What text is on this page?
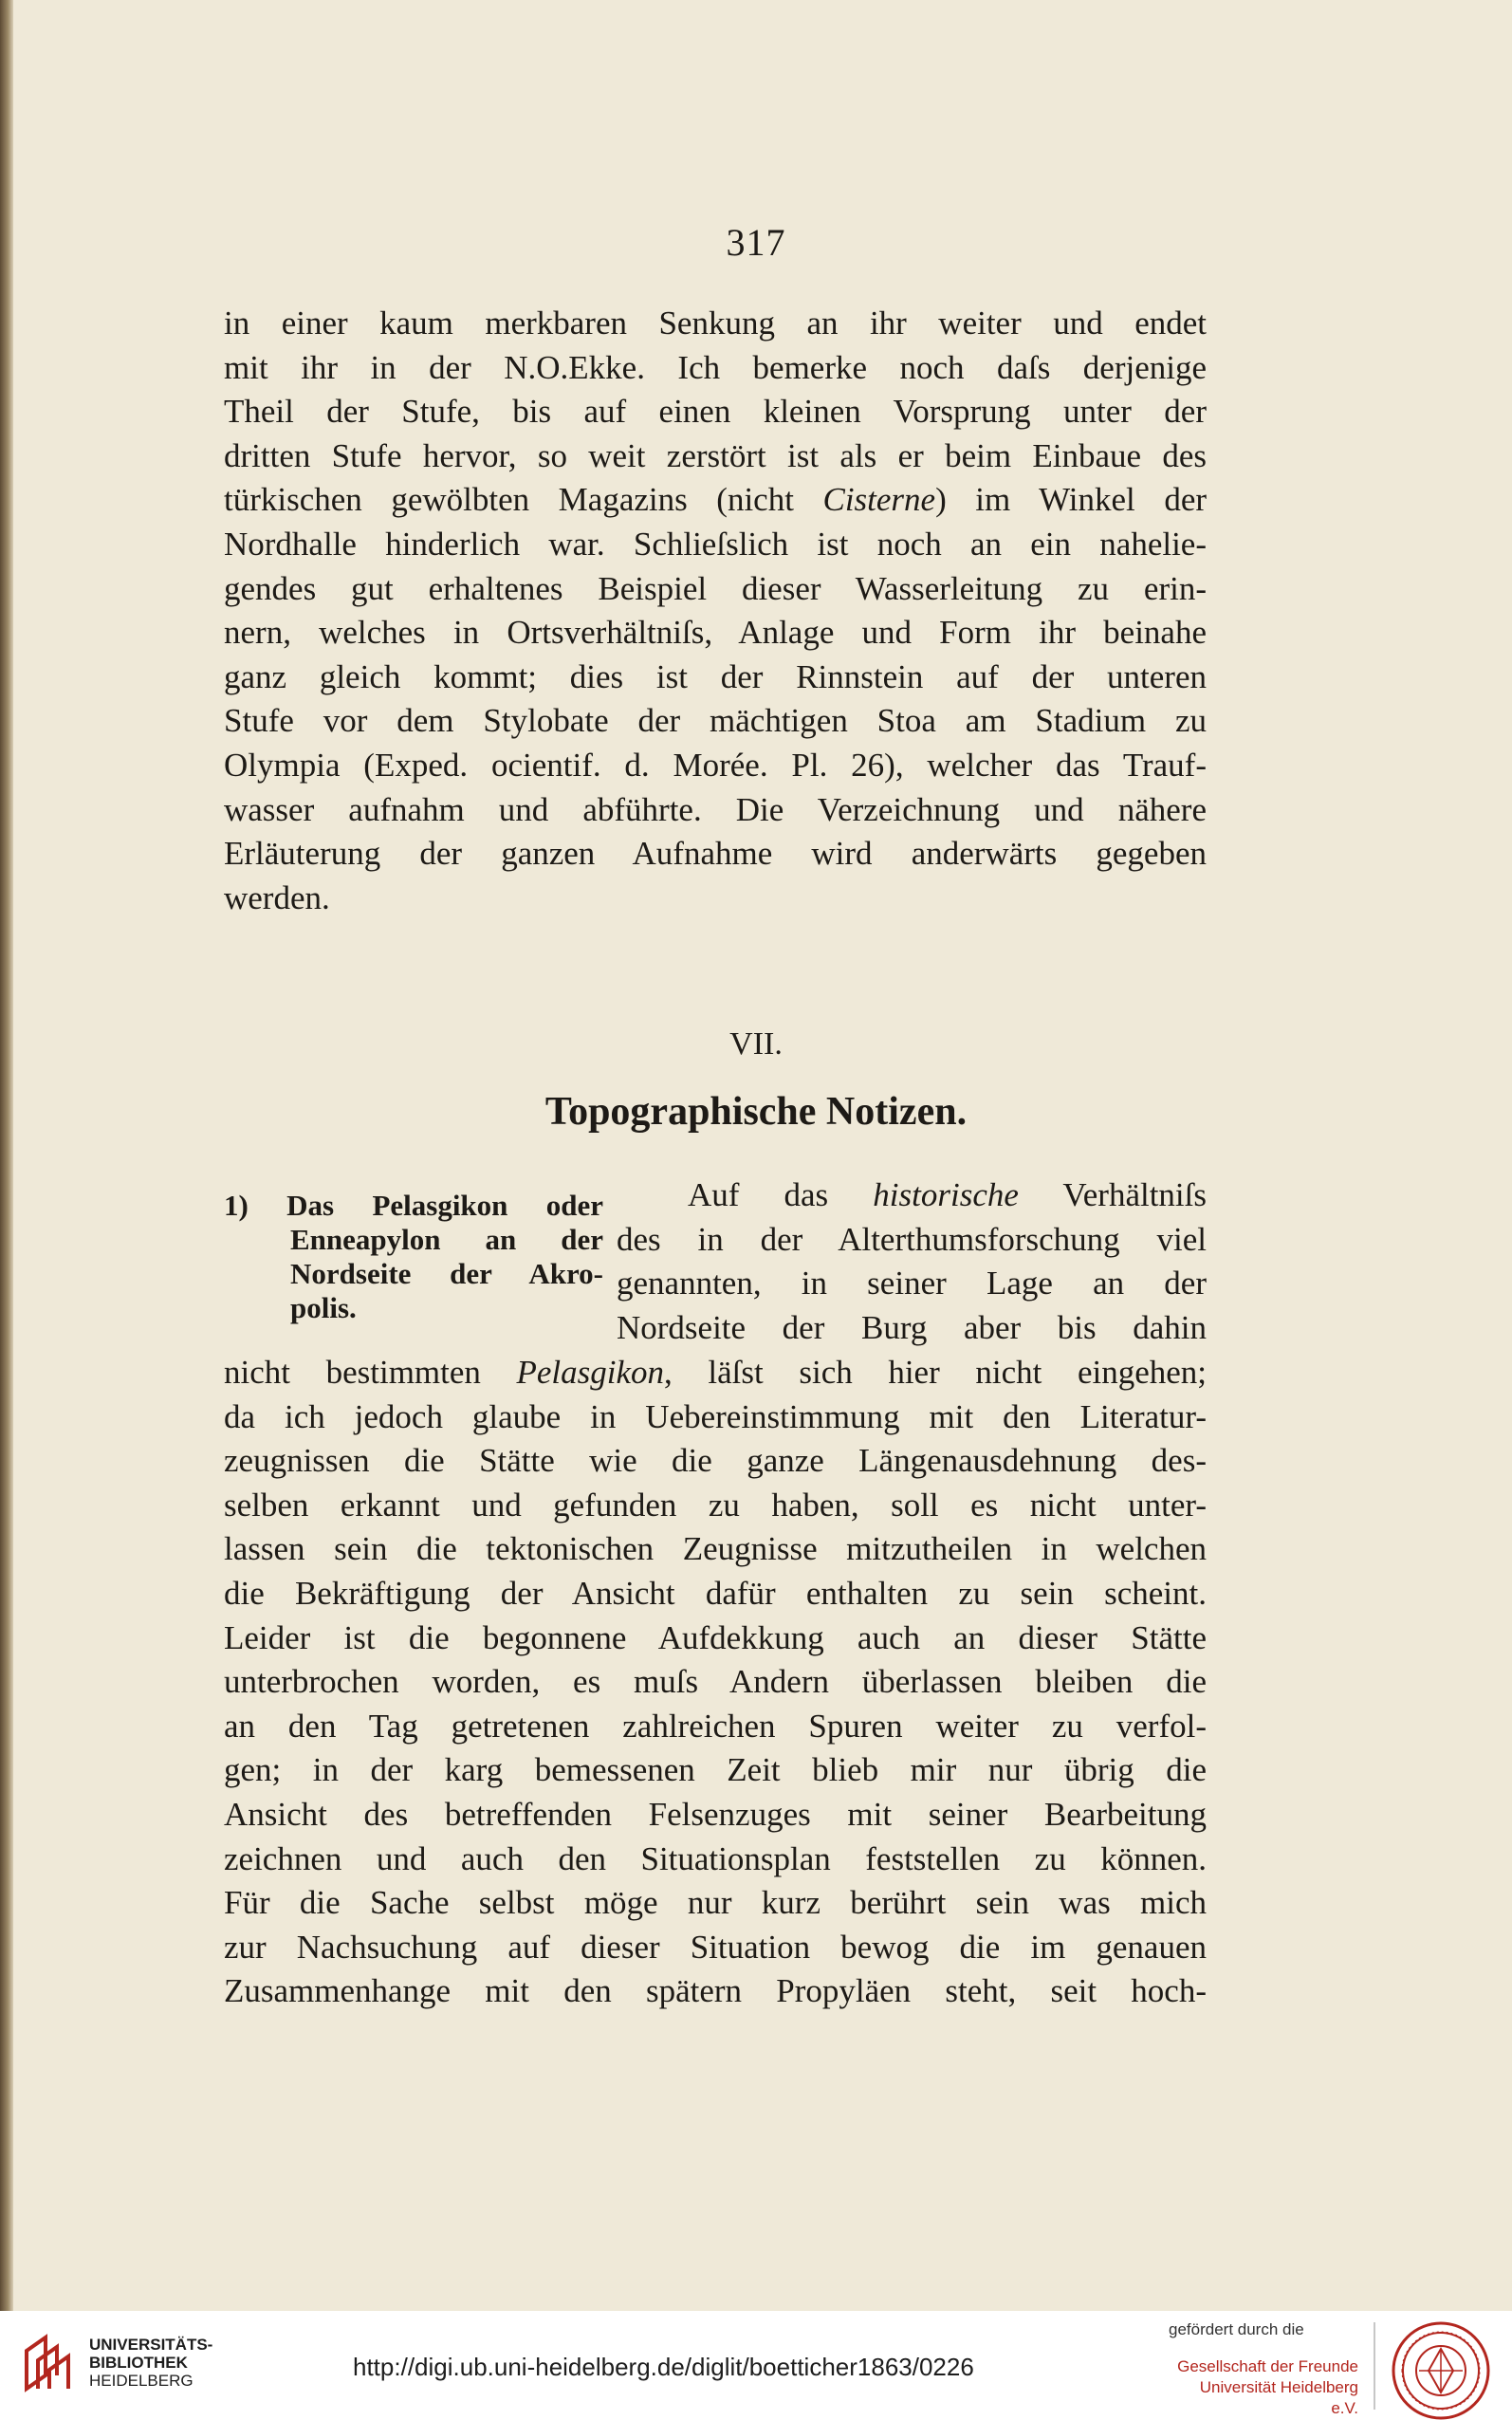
317
in einer kaum merkbaren Senkung an ihr weiter und endet
mit ihr in der N.O.Ekke. Ich bemerke noch daſs derjenige
Theil der Stufe, bis auf einen kleinen Vorsprung unter der
dritten Stufe hervor, so weit zerstört ist als er beim Einbaue des
türkischen gewölbten Magazins (nicht Cisterne) im Winkel der
Nordhalle hinderlich war. Schlieſslich ist noch an ein nahelie-
gendes gut erhaltenes Beispiel dieser Wasserleitung zu erin-
nern, welches in Ortsverhältniſs, Anlage und Form ihr beinahe
ganz gleich kommt; dies ist der Rinnstein auf der unteren
Stufe vor dem Stylobate der mächtigen Stoa am Stadium zu
Olympia (Exped. ocientif. d. Morée. Pl. 26), welcher das Trauf-
wasser aufnahm und abführte. Die Verzeichnung und nähere
Erläuterung der ganzen Aufnahme wird anderwärts gegeben
werden.
VII.
Topographische Notizen.
1) Das Pelasgikon oder
Enneapylon an der
Nordseite der Akro-
polis.
Auf das historische Verhältniſs
des in der Alterthumsforschung viel
genannten, in seiner Lage an der
Nordseite der Burg aber bis dahin
nicht bestimmten Pelasgikon, läſst sich hier nicht eingehen;
da ich jedoch glaube in Uebereinstimmung mit den Literatur-
zeugnissen die Stätte wie die ganze Längenausdehnung des-
selben erkannt und gefunden zu haben, soll es nicht unter-
lassen sein die tektonischen Zeugnisse mitzutheilen in welchen
die Bekräftigung der Ansicht dafür enthalten zu sein scheint.
Leider ist die begonnene Aufdekkung auch an dieser Stätte
unterbrochen worden, es muſs Andern überlassen bleiben die
an den Tag getretenen zahlreichen Spuren weiter zu verfol-
gen; in der karg bemessenen Zeit blieb mir nur übrig die
Ansicht des betreffenden Felsenzuges mit seiner Bearbeitung
zeichnen und auch den Situationsplan feststellen zu können.
Für die Sache selbst möge nur kurz berührt sein was mich
zur Nachsuchung auf dieser Situation bewog die im genauen
Zusammenhange mit den spätern Propyläen steht, seit hoch-
UNIVERSITÄTS-
BIBLIOTHEK
HEIDELBERG	http://digi.ub.uni-heidelberg.de/diglit/boetticher1863/0226
gefördert durch die
Gesellschaft der Freunde
Universität Heidelberg e.V.
